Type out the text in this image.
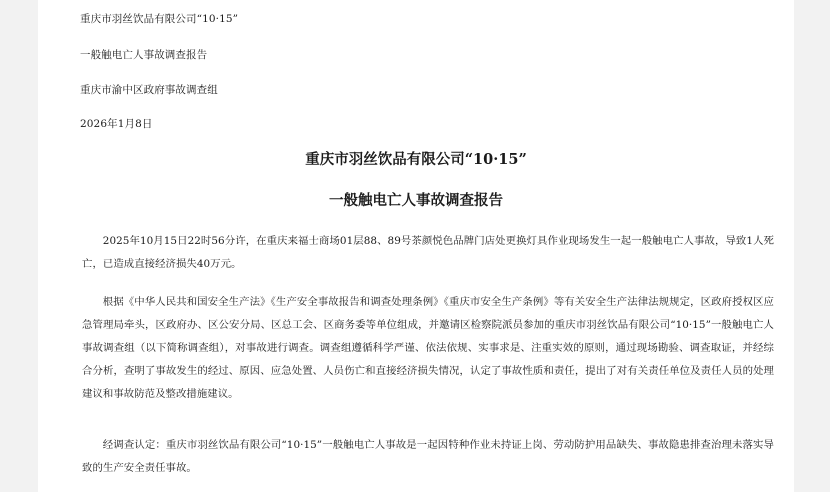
重庆市羽丝饮品有限公司“10·15”
一般触电亡人事故调查报告
重庆市渝中区政府事故调查组
2026年1月8日
重庆市羽丝饮品有限公司“10·15”
一般触电亡人事故调查报告
2025年10月15日22时56分许，在重庆来福士商场01层88、89号茶颜悦色品牌门店处更换灯具作业现场发生一起一般触电亡人事故，导致1人死亡，已造成直接经济损失40万元。
根据《中华人民共和国安全生产法》《生产安全事故报告和调查处理条例》《重庆市安全生产条例》等有关安全生产法律法规规定，区政府授权区应急管理局牵头，区政府办、区公安分局、区总工会、区商务委等单位组成，并邀请区检察院派员参加的重庆市羽丝饮品有限公司“10·15”一般触电亡人事故调查组（以下简称调查组），对事故进行调查。调查组遵循科学严谨、依法依规、实事求是、注重实效的原则，通过现场勘验、调查取证，并经综合分析，查明了事故发生的经过、原因、应急处置、人员伤亡和直接经济损失情况，认定了事故性质和责任，提出了对有关责任单位及责任人员的处理建议和事故防范及整改措施建议。
经调查认定：重庆市羽丝饮品有限公司“10·15”一般触电亡人事故是一起因特种作业未持证上岗、劳动防护用品缺失、事故隐患排查治理未落实导致的生产安全责任事故。
